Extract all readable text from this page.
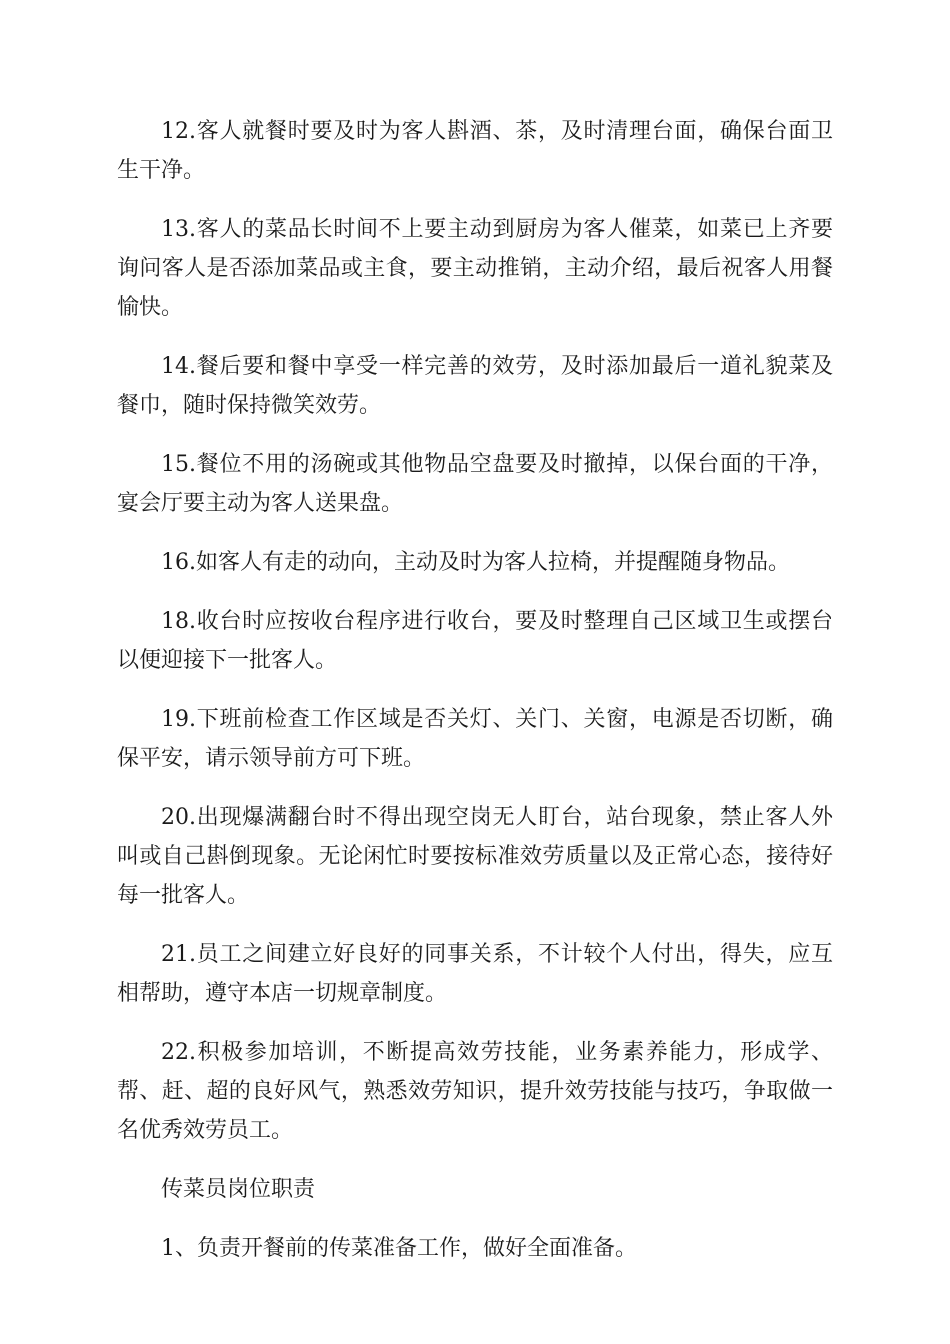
12.客人就餐时要及时为客人斟酒、茶，及时清理台面，确保台面卫生干净。

13.客人的菜品长时间不上要主动到厨房为客人催菜，如菜已上齐要询问客人是否添加菜品或主食，要主动推销，主动介绍，最后祝客人用餐愉快。

14.餐后要和餐中享受一样完善的效劳，及时添加最后一道礼貌菜及餐巾，随时保持微笑效劳。

15.餐位不用的汤碗或其他物品空盘要及时撤掉，以保台面的干净，宴会厅要主动为客人送果盘。

16.如客人有走的动向，主动及时为客人拉椅，并提醒随身物品。

18.收台时应按收台程序进行收台，要及时整理自己区域卫生或摆台以便迎接下一批客人。

19.下班前检查工作区域是否关灯、关门、关窗，电源是否切断，确保平安，请示领导前方可下班。

20.出现爆满翻台时不得出现空岗无人盯台，站台现象，禁止客人外叫或自己斟倒现象。无论闲忙时要按标准效劳质量以及正常心态，接待好每一批客人。

21.员工之间建立好良好的同事关系，不计较个人付出，得失，应互相帮助，遵守本店一切规章制度。

22.积极参加培训，不断提高效劳技能，业务素养能力，形成学、帮、赶、超的良好风气，熟悉效劳知识，提升效劳技能与技巧，争取做一名优秀效劳员工。

传菜员岗位职责

1、负责开餐前的传菜准备工作，做好全面准备。
